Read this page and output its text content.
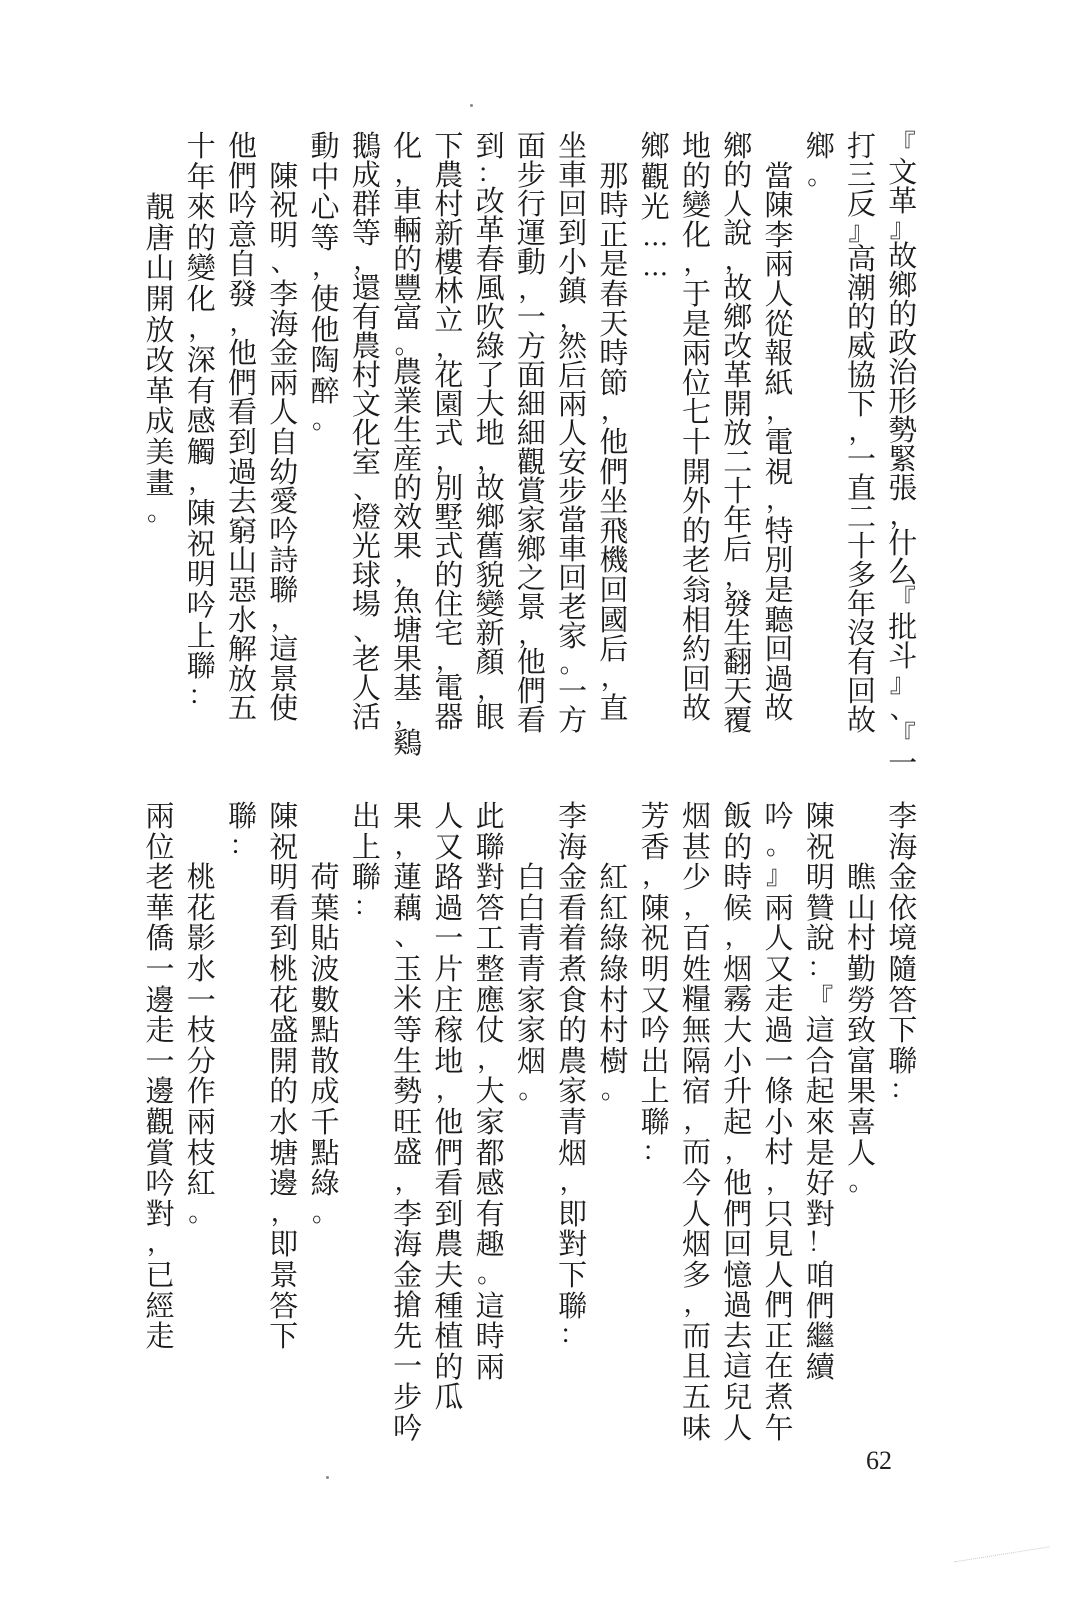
『
文
革
』
故
鄉
的
政
治
形
勢
緊
張
，
什
么
『
批
斗
』
、
『
一
打
三
反
』
高
潮
的
威
協
下
，
一
直
二
十
多
年
沒
有
回
故
鄉
。

當
陳
李
兩
人
從
報
紙
，
電
視
，
特
別
是
聽
回
過
故
鄉
的
人
說
，
故
鄉
改
革
開
放
二
十
年
后
，
發
生
翻
天
覆
地
的
變
化
，
于
是
兩
位
七
十
開
外
的
老
翁
相
約
回
故
鄉
觀
光
…
…

那
時
正
是
春
天
時
節
，
他
們
坐
飛
機
回
國
后
，
直
坐
車
回
到
小
鎮
，
然
后
兩
人
安
步
當
車
回
老
家
。
一
方
面
步
行
運
動
，
一
方
面
細
細
觀
賞
家
鄉
之
景
，
他
們
看
到
：
改
革
春
風
吹
綠
了
大
地
，
故
鄉
舊
貌
變
新
顏
，
眼
下
農
村
新
樓
林
立
，
花
園
式
，
別
墅
式
的
住
宅
，
電
器
化
，
車
輛
的
豐
富
。
農
業
生
産
的
效
果
，
魚
塘
果
基
，
鷄
鵝
成
群
等
，
還
有
農
村
文
化
室
、
燈
光
球
場
、
老
人
活
動
中
心
等
，
使
他
陶
醉
。

陳
祝
明
、
李
海
金
兩
人
自
幼
愛
吟
詩
聯
，
這
景
使
他
們
吟
意
自
發
，
他
們
看
到
過
去
窮
山
惡
水
解
放
五
十
年
來
的
變
化
，
深
有
感
觸
，
陳
祝
明
吟
上
聯
：

靚
唐
山
開
放
改
革
成
美
畫
。
李
海
金
依
境
隨
答
下
聯
：

瞧
山
村
勤
勞
致
富
果
喜
人
。
陳
祝
明
贊
說
：
『
這
合
起
來
是
好
對
！
咱
們
繼
續
吟
。
』
兩
人
又
走
過
一
條
小
村
，
只
見
人
們
正
在
煮
午
飯
的
時
候
，
烟
霧
大
小
升
起
，
他
們
回
憶
過
去
這
兒
人
烟
甚
少
，
百
姓
糧
無
隔
宿
，
而
今
人
烟
多
，
而
且
五
味
芳
香
，
陳
祝
明
又
吟
出
上
聯
：

紅
紅
綠
綠
村
村
樹
。
李
海
金
看
着
煮
食
的
農
家
青
烟
，
即
對
下
聯
：

白
白
青
青
家
家
烟
。
此
聯
對
答
工
整
應
仗
，
大
家
都
感
有
趣
。
這
時
兩
人
又
路
過
一
片
庄
稼
地
，
他
們
看
到
農
夫
種
植
的
瓜
果
，
蓮
藕
、
玉
米
等
生
勢
旺
盛
，
李
海
金
搶
先
一
步
吟
出
上
聯
：

荷
葉
貼
波
數
點
散
成
千
點
綠
。
陳
祝
明
看
到
桃
花
盛
開
的
水
塘
邊
，
即
景
答
下
聯
：

桃
花
影
水
一
枝
分
作
兩
枝
紅
。
兩
位
老
華
僑
一
邊
走
一
邊
觀
賞
吟
對
，
已
經
走
62
